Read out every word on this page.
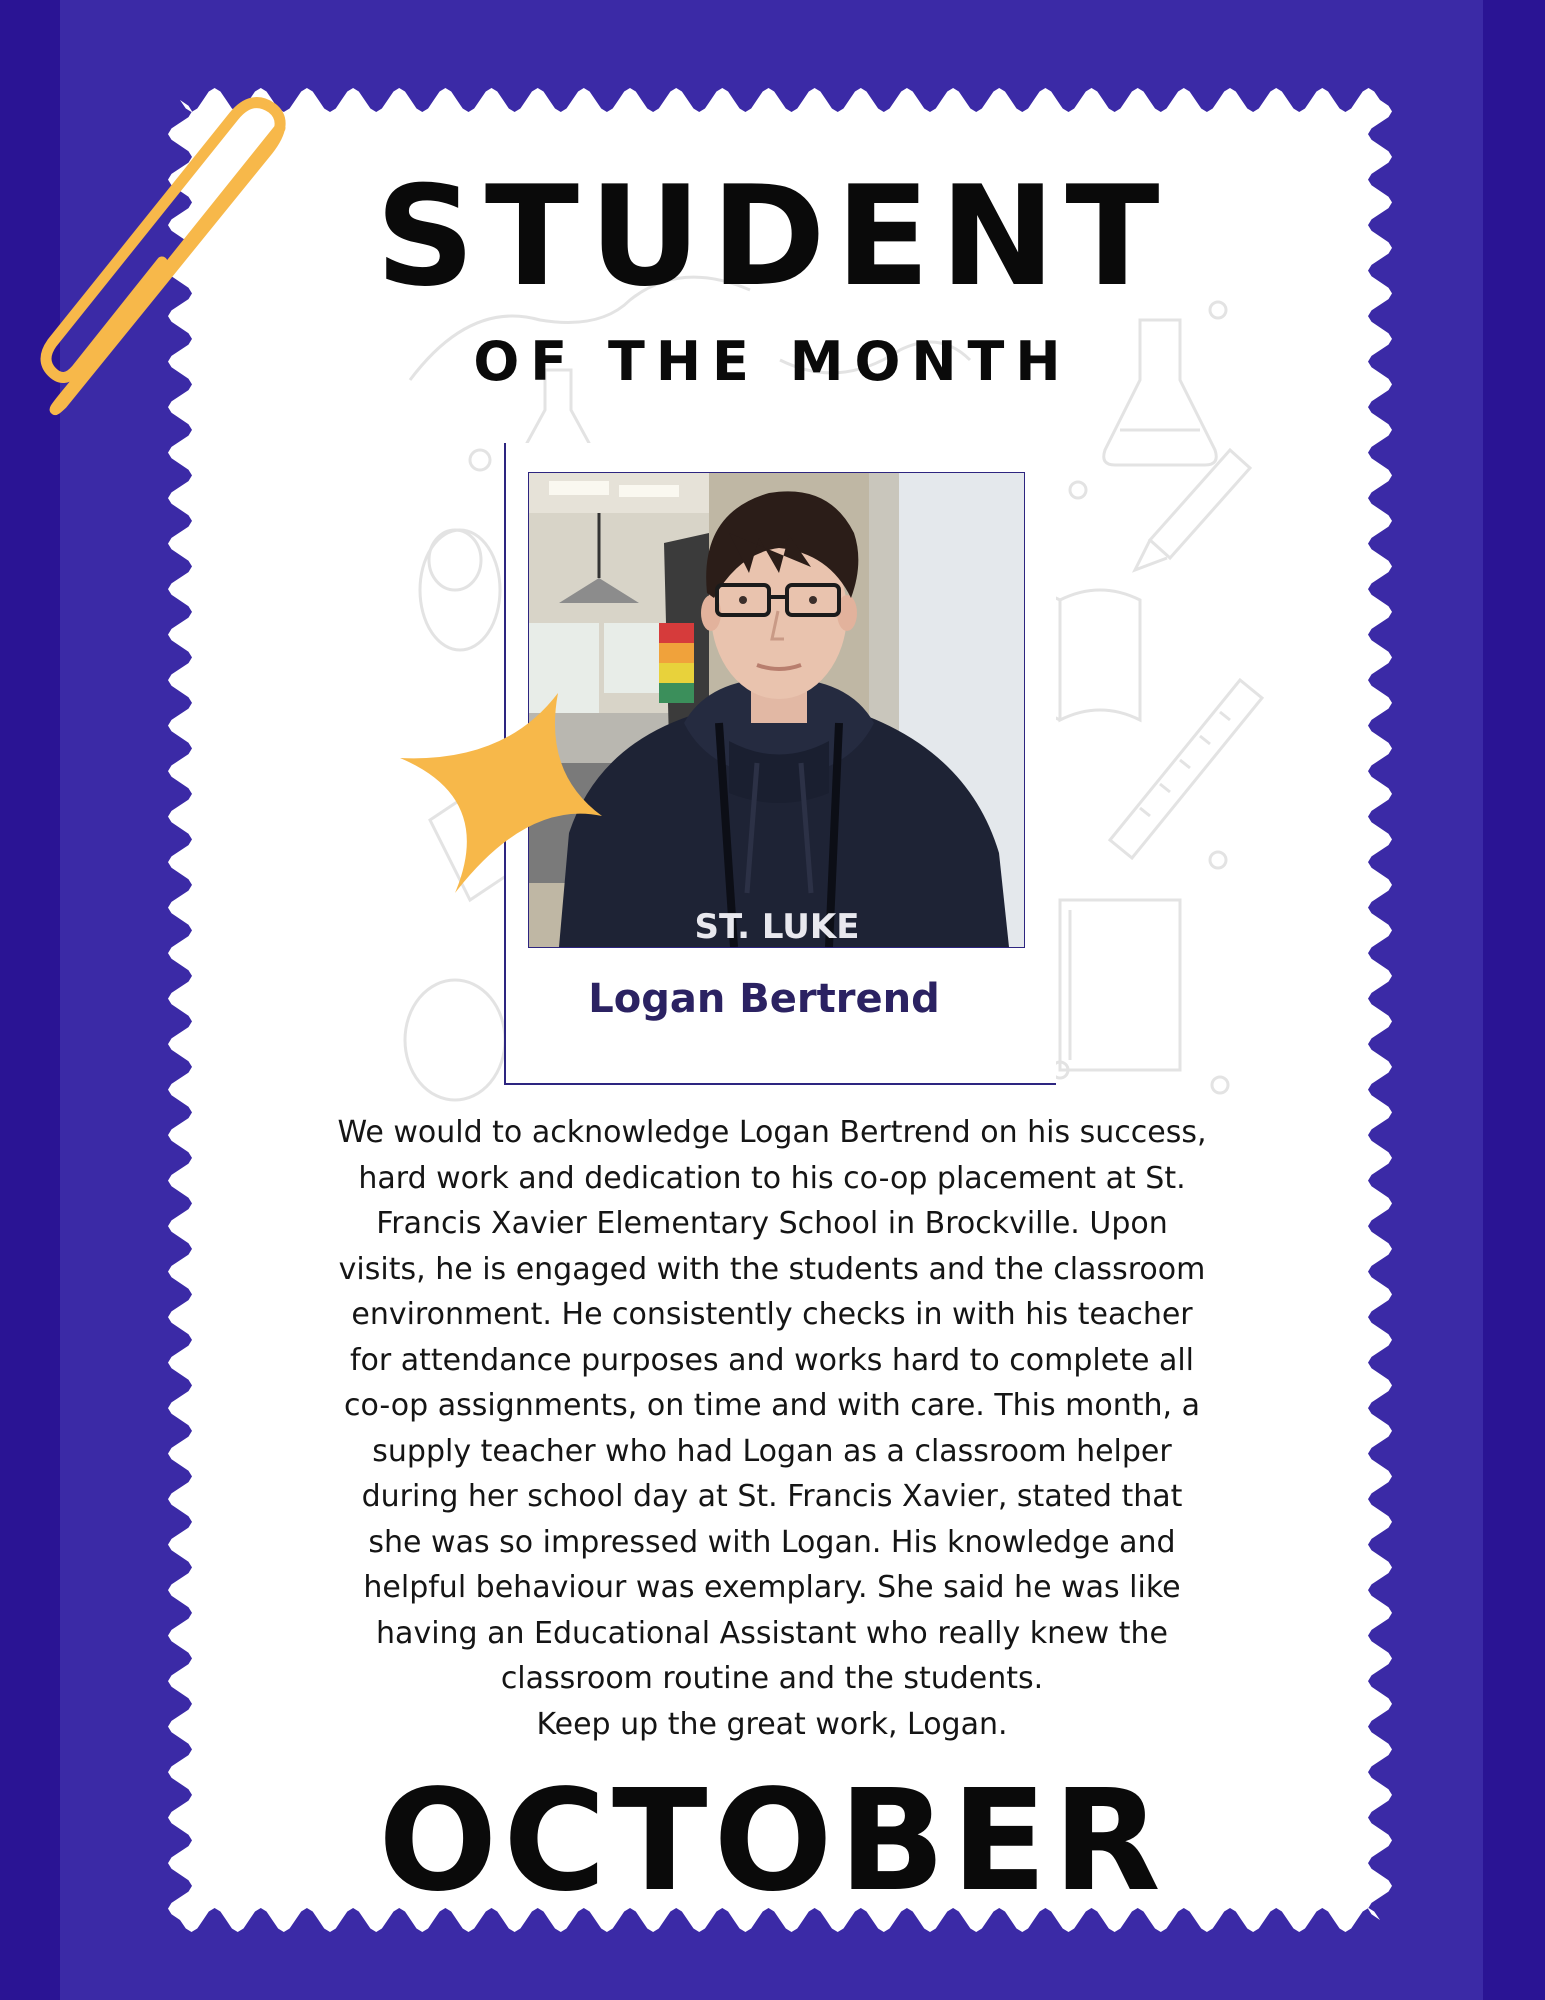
STUDENT
OF THE MONTH
ST. LUKE
Logan Bertrend
We would to acknowledge Logan Bertrend on his success,
hard work and dedication to his co-op placement at St.
Francis Xavier Elementary School in Brockville. Upon
visits, he is engaged with the students and the classroom
environment. He consistently checks in with his teacher
for attendance purposes and works hard to complete all
co-op assignments, on time and with care. This month, a
supply teacher who had Logan as a classroom helper
during her school day at St. Francis Xavier, stated that
she was so impressed with Logan. His knowledge and
helpful behaviour was exemplary. She said he was like
having an Educational Assistant who really knew the
classroom routine and the students.
Keep up the great work, Logan.
OCTOBER
